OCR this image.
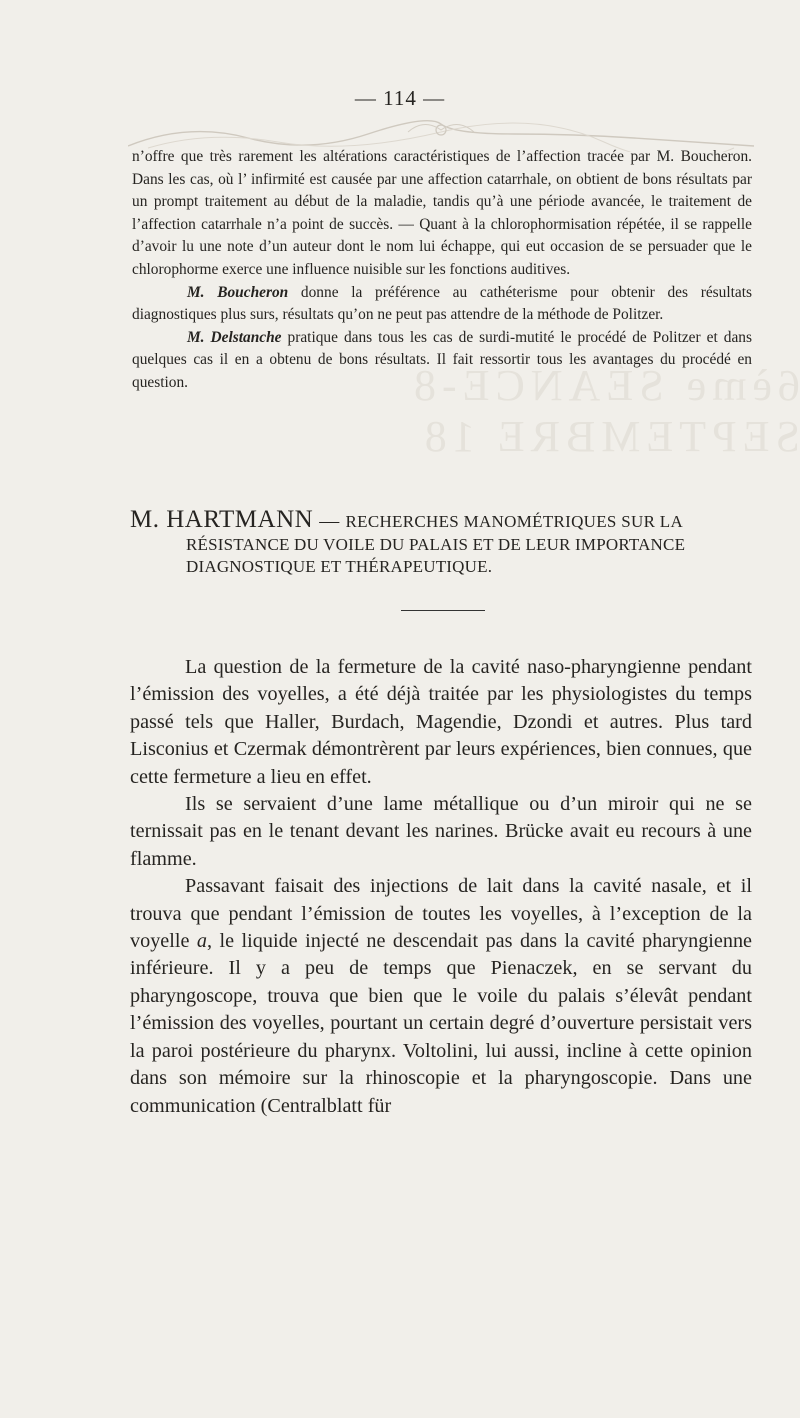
6ème SÉANCE-8 SEPTEMBRE 18
— 114 —

n’offre que très rarement les altérations caractéristiques de l’affection tracée par M. Boucheron. Dans les cas, où l’ infirmité est causée par une affection catarrhale, on obtient de bons résultats par un prompt traitement au début de la maladie, tandis qu’à une période avancée, le traitement de l’affection catarrhale n’a point de succès. — Quant à la chlorophormisation répétée, il se rappelle d’avoir lu une note d’un auteur dont le nom lui échappe, qui eut occasion de se persuader que le chlorophorme exerce une influence nuisible sur les fonctions auditives.

M. Boucheron donne la préférence au cathéterisme pour obtenir des résultats diagnostiques plus surs, résultats qu’on ne peut pas attendre de la méthode de Politzer.

M. Delstanche pratique dans tous les cas de surdi-mutité le procédé de Politzer et dans quelques cas il en a obtenu de bons résultats. Il fait ressortir tous les avantages du procédé en question.

M. HARTMANN — RECHERCHES MANOMÉTRIQUES SUR LA
RÉSISTANCE DU VOILE DU PALAIS ET DE LEUR IMPORTANCE
DIAGNOSTIQUE ET THÉRAPEUTIQUE.

La question de la fermeture de la cavité naso-pharyngienne pendant l’émission des voyelles, a été déjà traitée par les physiologistes du temps passé tels que Haller, Burdach, Magendie, Dzondi et autres. Plus tard Lisconius et Czermak démontrèrent par leurs expériences, bien connues, que cette fermeture a lieu en effet.

Ils se servaient d’une lame métallique ou d’un miroir qui ne se ternissait pas en le tenant devant les narines. Brücke avait eu recours à une flamme.

Passavant faisait des injections de lait dans la cavité nasale, et il trouva que pendant l’émission de toutes les voyelles, à l’exception de la voyelle a, le liquide injecté ne descendait pas dans la cavité pharyngienne inférieure. Il y a peu de temps que Pienaczek, en se servant du pharyngoscope, trouva que bien que le voile du palais s’élevât pendant l’émission des voyelles, pourtant un certain degré d’ouverture persistait vers la paroi postérieure du pharynx. Voltolini, lui aussi, incline à cette opinion dans son mémoire sur la rhinoscopie et la pharyngoscopie. Dans une communication (Centralblatt für
